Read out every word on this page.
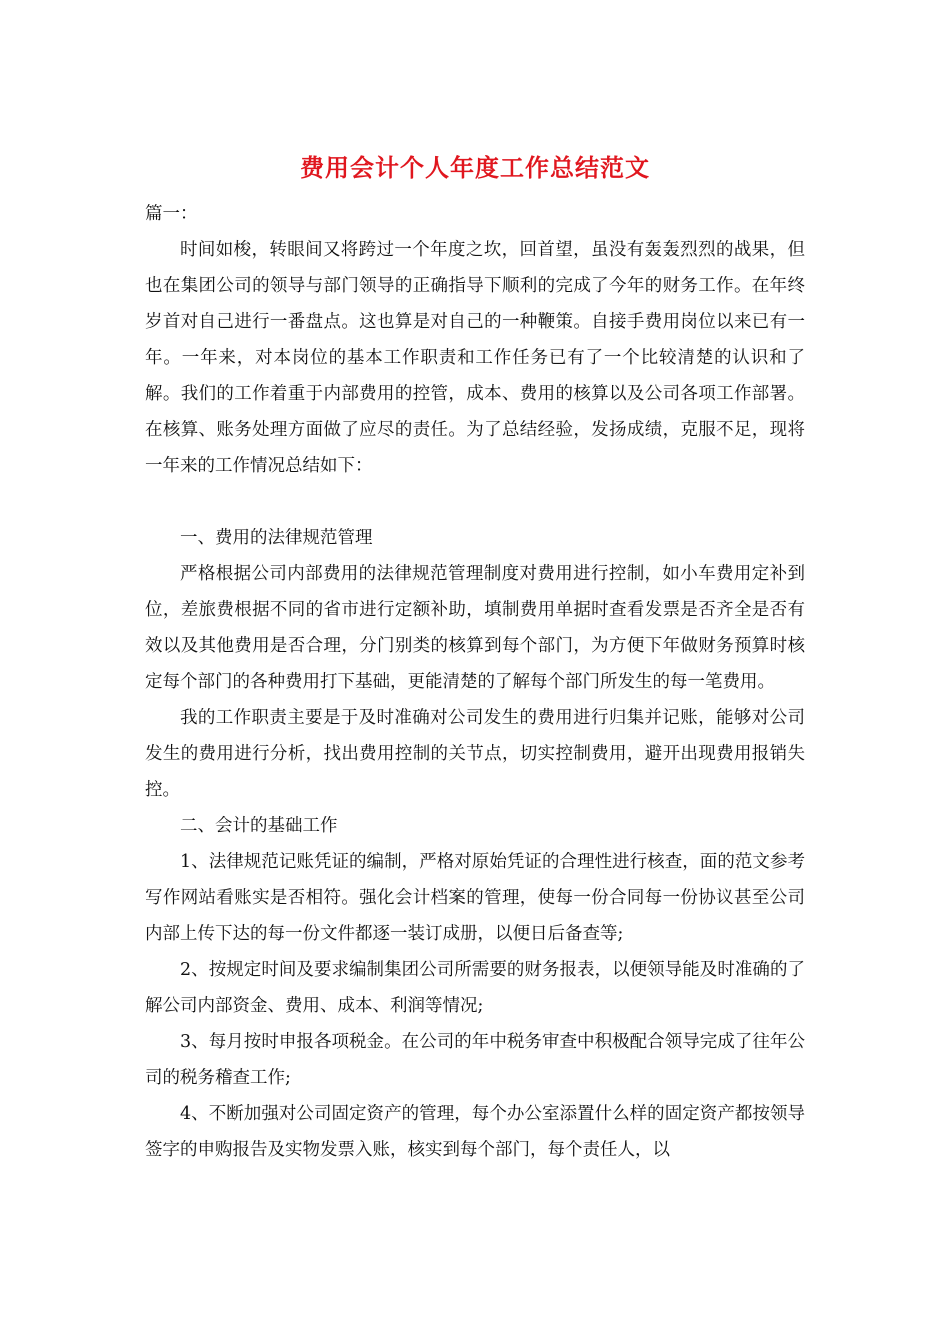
费用会计个人年度工作总结范文

篇一：

时间如梭，转眼间又将跨过一个年度之坎，回首望，虽没有轰轰烈烈的战果，但也在集团公司的领导与部门领导的正确指导下顺利的完成了今年的财务工作。在年终岁首对自己进行一番盘点。这也算是对自己的一种鞭策。自接手费用岗位以来已有一年。一年来，对本岗位的基本工作职责和工作任务已有了一个比较清楚的认识和了解。我们的工作着重于内部费用的控管，成本、费用的核算以及公司各项工作部署。在核算、账务处理方面做了应尽的责任。为了总结经验，发扬成绩，克服不足，现将一年来的工作情况总结如下：

一、费用的法律规范管理

严格根据公司内部费用的法律规范管理制度对费用进行控制，如小车费用定补到位，差旅费根据不同的省市进行定额补助，填制费用单据时查看发票是否齐全是否有效以及其他费用是否合理，分门别类的核算到每个部门，为方便下年做财务预算时核定每个部门的各种费用打下基础，更能清楚的了解每个部门所发生的每一笔费用。

我的工作职责主要是于及时准确对公司发生的费用进行归集并记账，能够对公司发生的费用进行分析，找出费用控制的关节点，切实控制费用，避开出现费用报销失控。

二、会计的基础工作

1、法律规范记账凭证的编制，严格对原始凭证的合理性进行核查，面的范文参考写作网站看账实是否相符。强化会计档案的管理，使每一份合同每一份协议甚至公司内部上传下达的每一份文件都逐一装订成册，以便日后备查等;

2、按规定时间及要求编制集团公司所需要的财务报表，以便领导能及时准确的了解公司内部资金、费用、成本、利润等情况;

3、每月按时申报各项税金。在公司的年中税务审查中积极配合领导完成了往年公司的税务稽查工作;

4、不断加强对公司固定资产的管理，每个办公室添置什么样的固定资产都按领导签字的申购报告及实物发票入账，核实到每个部门，每个责任人，以
